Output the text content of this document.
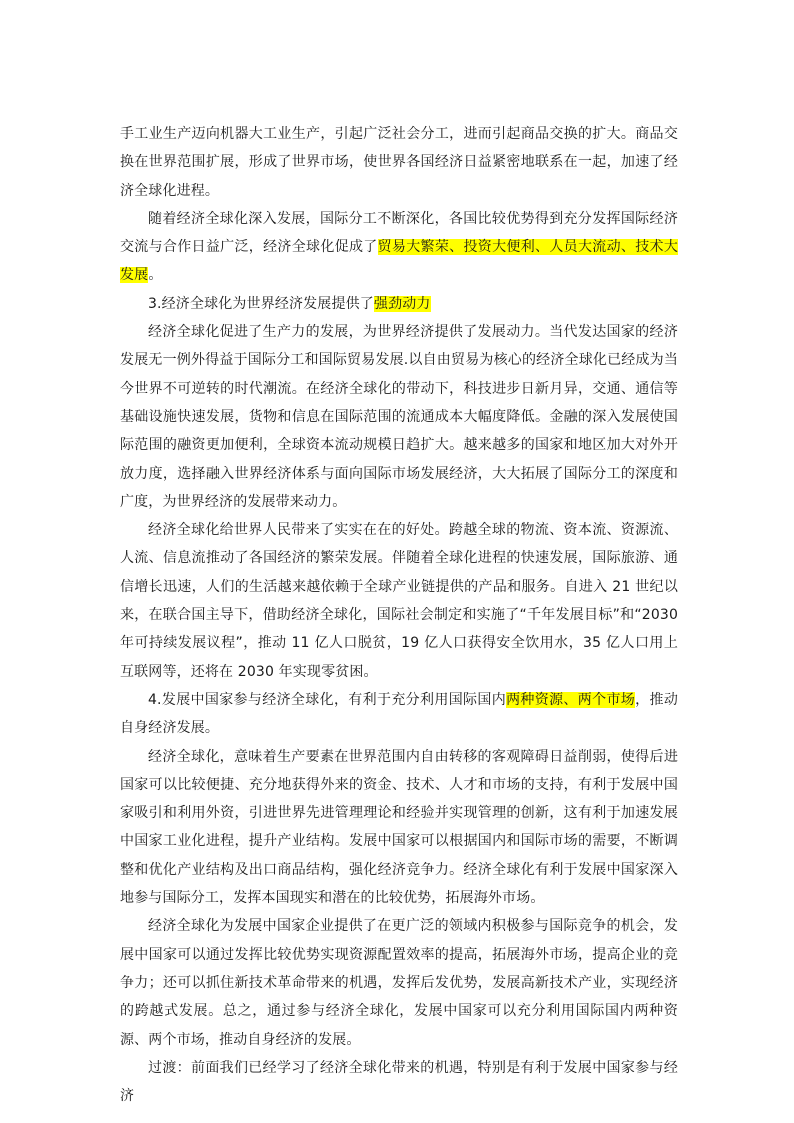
手工业生产迈向机器大工业生产，引起广泛社会分工，进而引起商品交换的扩大。商品交换在世界范围扩展，形成了世界市场，使世界各国经济日益紧密地联系在一起，加速了经济全球化进程。

随着经济全球化深入发展，国际分工不断深化，各国比较优势得到充分发挥国际经济交流与合作日益广泛，经济全球化促成了贸易大繁荣、投资大便利、人员大流动、技术大发展。

3.经济全球化为世界经济发展提供了强劲动力

经济全球化促进了生产力的发展，为世界经济提供了发展动力。当代发达国家的经济发展无一例外得益于国际分工和国际贸易发展.以自由贸易为核心的经济全球化已经成为当今世界不可逆转的时代潮流。在经济全球化的带动下，科技进步日新月异，交通、通信等基础设施快速发展，货物和信息在国际范围的流通成本大幅度降低。金融的深入发展使国际范围的融资更加便利，全球资本流动规模日趋扩大。越来越多的国家和地区加大对外开放力度，选择融入世界经济体系与面向国际市场发展经济，大大拓展了国际分工的深度和广度，为世界经济的发展带来动力。

经济全球化给世界人民带来了实实在在的好处。跨越全球的物流、资本流、资源流、人流、信息流推动了各国经济的繁荣发展。伴随着全球化进程的快速发展，国际旅游、通信增长迅速，人们的生活越来越依赖于全球产业链提供的产品和服务。自进入 21 世纪以来，在联合国主导下，借助经济全球化，国际社会制定和实施了“千年发展目标”和“2030 年可持续发展议程”，推动 11 亿人口脱贫，19 亿人口获得安全饮用水，35 亿人口用上互联网等，还将在 2030 年实现零贫困。

4.发展中国家参与经济全球化，有利于充分利用国际国内两种资源、两个市场，推动自身经济发展。

经济全球化，意味着生产要素在世界范围内自由转移的客观障碍日益削弱，使得后进国家可以比较便捷、充分地获得外来的资金、技术、人才和市场的支持，有利于发展中国家吸引和利用外资，引进世界先进管理理论和经验并实现管理的创新，这有利于加速发展中国家工业化进程，提升产业结构。发展中国家可以根据国内和国际市场的需要，不断调整和优化产业结构及出口商品结构，强化经济竞争力。经济全球化有利于发展中国家深入地参与国际分工，发挥本国现实和潜在的比较优势，拓展海外市场。

经济全球化为发展中国家企业提供了在更广泛的领域内积极参与国际竞争的机会，发展中国家可以通过发挥比较优势实现资源配置效率的提高，拓展海外市场，提高企业的竞争力；还可以抓住新技术革命带来的机遇，发挥后发优势，发展高新技术产业，实现经济的跨越式发展。总之，通过参与经济全球化，发展中国家可以充分利用国际国内两种资源、两个市场，推动自身经济的发展。

过渡：前面我们已经学习了经济全球化带来的机遇，特别是有利于发展中国家参与经济
